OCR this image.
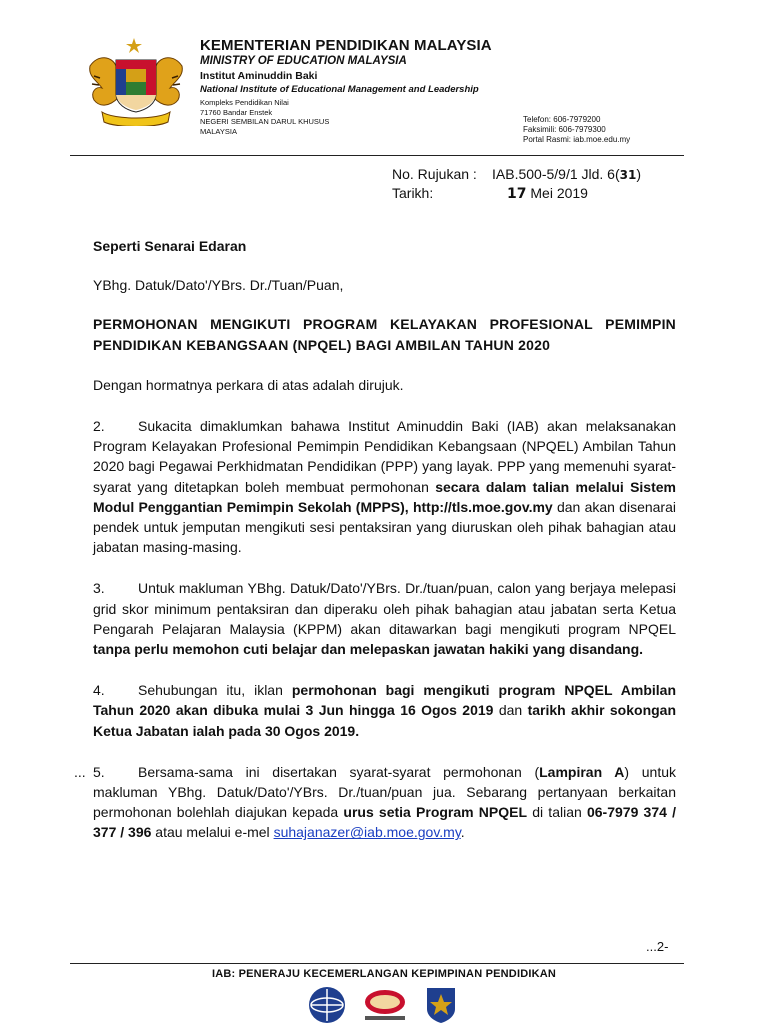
KEMENTERIAN PENDIDIKAN MALAYSIA
MINISTRY OF EDUCATION MALAYSIA
Institut Aminuddin Baki
National Institute of Educational Management and Leadership
Kompleks Pendidikan Nilai
71760 Bandar Enstek
NEGERI SEMBILAN DARUL KHUSUS
MALAYSIA
Telefon: 606-7979200
Faksimili: 606-7979300
Portal Rasmi: iab.moe.edu.my
No. Rujukan : IAB.500-5/9/1 Jld. 6(31)
Tarikh:	17 Mei 2019

Seperti Senarai Edaran

YBhg. Datuk/Dato'/YBrs. Dr./Tuan/Puan,

PERMOHONAN MENGIKUTI PROGRAM KELAYAKAN PROFESIONAL PEMIMPIN PENDIDIKAN KEBANGSAAN (NPQEL) BAGI AMBILAN TAHUN 2020

Dengan hormatnya perkara di atas adalah dirujuk.

2. Sukacita dimaklumkan bahawa Institut Aminuddin Baki (IAB) akan melaksanakan Program Kelayakan Profesional Pemimpin Pendidikan Kebangsaan (NPQEL) Ambilan Tahun 2020 bagi Pegawai Perkhidmatan Pendidikan (PPP) yang layak. PPP yang memenuhi syarat-syarat yang ditetapkan boleh membuat permohonan secara dalam talian melalui Sistem Modul Penggantian Pemimpin Sekolah (MPPS), http://tls.moe.gov.my dan akan disenarai pendek untuk jemputan mengikuti sesi pentaksiran yang diuruskan oleh pihak bahagian atau jabatan masing-masing.

3. Untuk makluman YBhg. Datuk/Dato'/YBrs. Dr./tuan/puan, calon yang berjaya melepasi grid skor minimum pentaksiran dan diperaku oleh pihak bahagian atau jabatan serta Ketua Pengarah Pelajaran Malaysia (KPPM) akan ditawarkan bagi mengikuti program NPQEL tanpa perlu memohon cuti belajar dan melepaskan jawatan hakiki yang disandang.

4. Sehubungan itu, iklan permohonan bagi mengikuti program NPQEL Ambilan Tahun 2020 akan dibuka mulai 3 Jun hingga 16 Ogos 2019 dan tarikh akhir sokongan Ketua Jabatan ialah pada 30 Ogos 2019.

... 5. Bersama-sama ini disertakan syarat-syarat permohonan (Lampiran A) untuk makluman YBhg. Datuk/Dato'/YBrs. Dr./tuan/puan jua. Sebarang pertanyaan berkaitan permohonan bolehlah diajukan kepada urus setia Program NPQEL di talian 06-7979 374 / 377 / 396 atau melalui e-mel suhajanazer@iab.moe.gov.my.

...2-
IAB: PENERAJU KECEMERLANGAN KEPIMPINAN PENDIDIKAN
